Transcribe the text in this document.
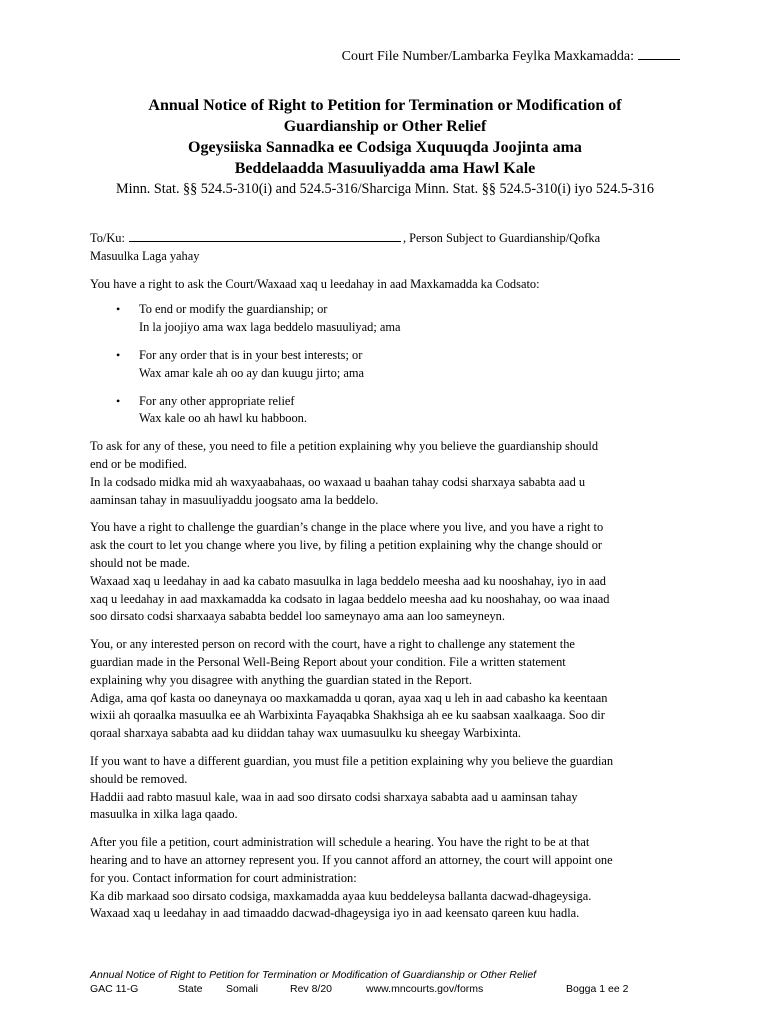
Court File Number/Lambarka Feylka Maxkamadda:
Annual Notice of Right to Petition for Termination or Modification of
Guardianship or Other Relief
Ogeysiiska Sannadka ee Codsiga Xuquuqda Joojinta ama
Beddelaadda Masuuliyadda ama Hawl Kale
Minn. Stat. §§ 524.5-310(i) and 524.5-316/Sharciga Minn. Stat. §§ 524.5-310(i) iyo 524.5-316
To/Ku:	, Person Subject to Guardianship/Qofka
Masuulka Laga yahay
You have a right to ask the Court/Waxaad xaq u leedahay in aad Maxkamadda ka Codsato:
• To end or modify the guardianship; or
In la joojiyo ama wax laga beddelo masuuliyad; ama
• For any order that is in your best interests; or
Wax amar kale ah oo ay dan kuugu jirto; ama
• For any other appropriate relief
Wax kale oo ah hawl ku habboon.
To ask for any of these, you need to file a petition explaining why you believe the guardianship should
end or be modified.
In la codsado midka mid ah waxyaabahaas, oo waxaad u baahan tahay codsi sharxaya sababta aad u
aaminsan tahay in masuuliyaddu joogsato ama la beddelo.
You have a right to challenge the guardian’s change in the place where you live, and you have a right to
ask the court to let you change where you live, by filing a petition explaining why the change should or
should not be made.
Waxaad xaq u leedahay in aad ka cabato masuulka in laga beddelo meesha aad ku nooshahay, iyo in aad
xaq u leedahay in aad maxkamadda ka codsato in lagaa beddelo meesha aad ku nooshahay, oo waa inaad
soo dirsato codsi sharxaaya sababta beddel loo sameynayo ama aan loo sameyneyn.
You, or any interested person on record with the court, have a right to challenge any statement the
guardian made in the Personal Well-Being Report about your condition. File a written statement
explaining why you disagree with anything the guardian stated in the Report.
Adiga, ama qof kasta oo daneynaya oo maxkamadda u qoran, ayaa xaq u leh in aad cabasho ka keentaan
wixii ah qoraalka masuulka ee ah Warbixinta Fayaqabka Shakhsiga ah ee ku saabsan xaalkaaga. Soo dir
qoraal sharxaya sababta aad ku diiddan tahay wax uumasuulku ku sheegay Warbixinta.
If you want to have a different guardian, you must file a petition explaining why you believe the guardian
should be removed.
Haddii aad rabto masuul kale, waa in aad soo dirsato codsi sharxaya sababta aad u aaminsan tahay
masuulka in xilka laga qaado.
After you file a petition, court administration will schedule a hearing. You have the right to be at that
hearing and to have an attorney represent you. If you cannot afford an attorney, the court will appoint one
for you. Contact information for court administration:
Ka dib markaad soo dirsato codsiga, maxkamadda ayaa kuu beddeleysa ballanta dacwad-dhageysiga.
Waxaad xaq u leedahay in aad timaaddo dacwad-dhageysiga iyo in aad keensato qareen kuu hadla.
Annual Notice of Right to Petition for Termination or Modification of Guardianship or Other Relief
GAC 11-G	State Somali	Rev 8/20	www.mncourts.gov/forms	Bogga 1 ee 2
